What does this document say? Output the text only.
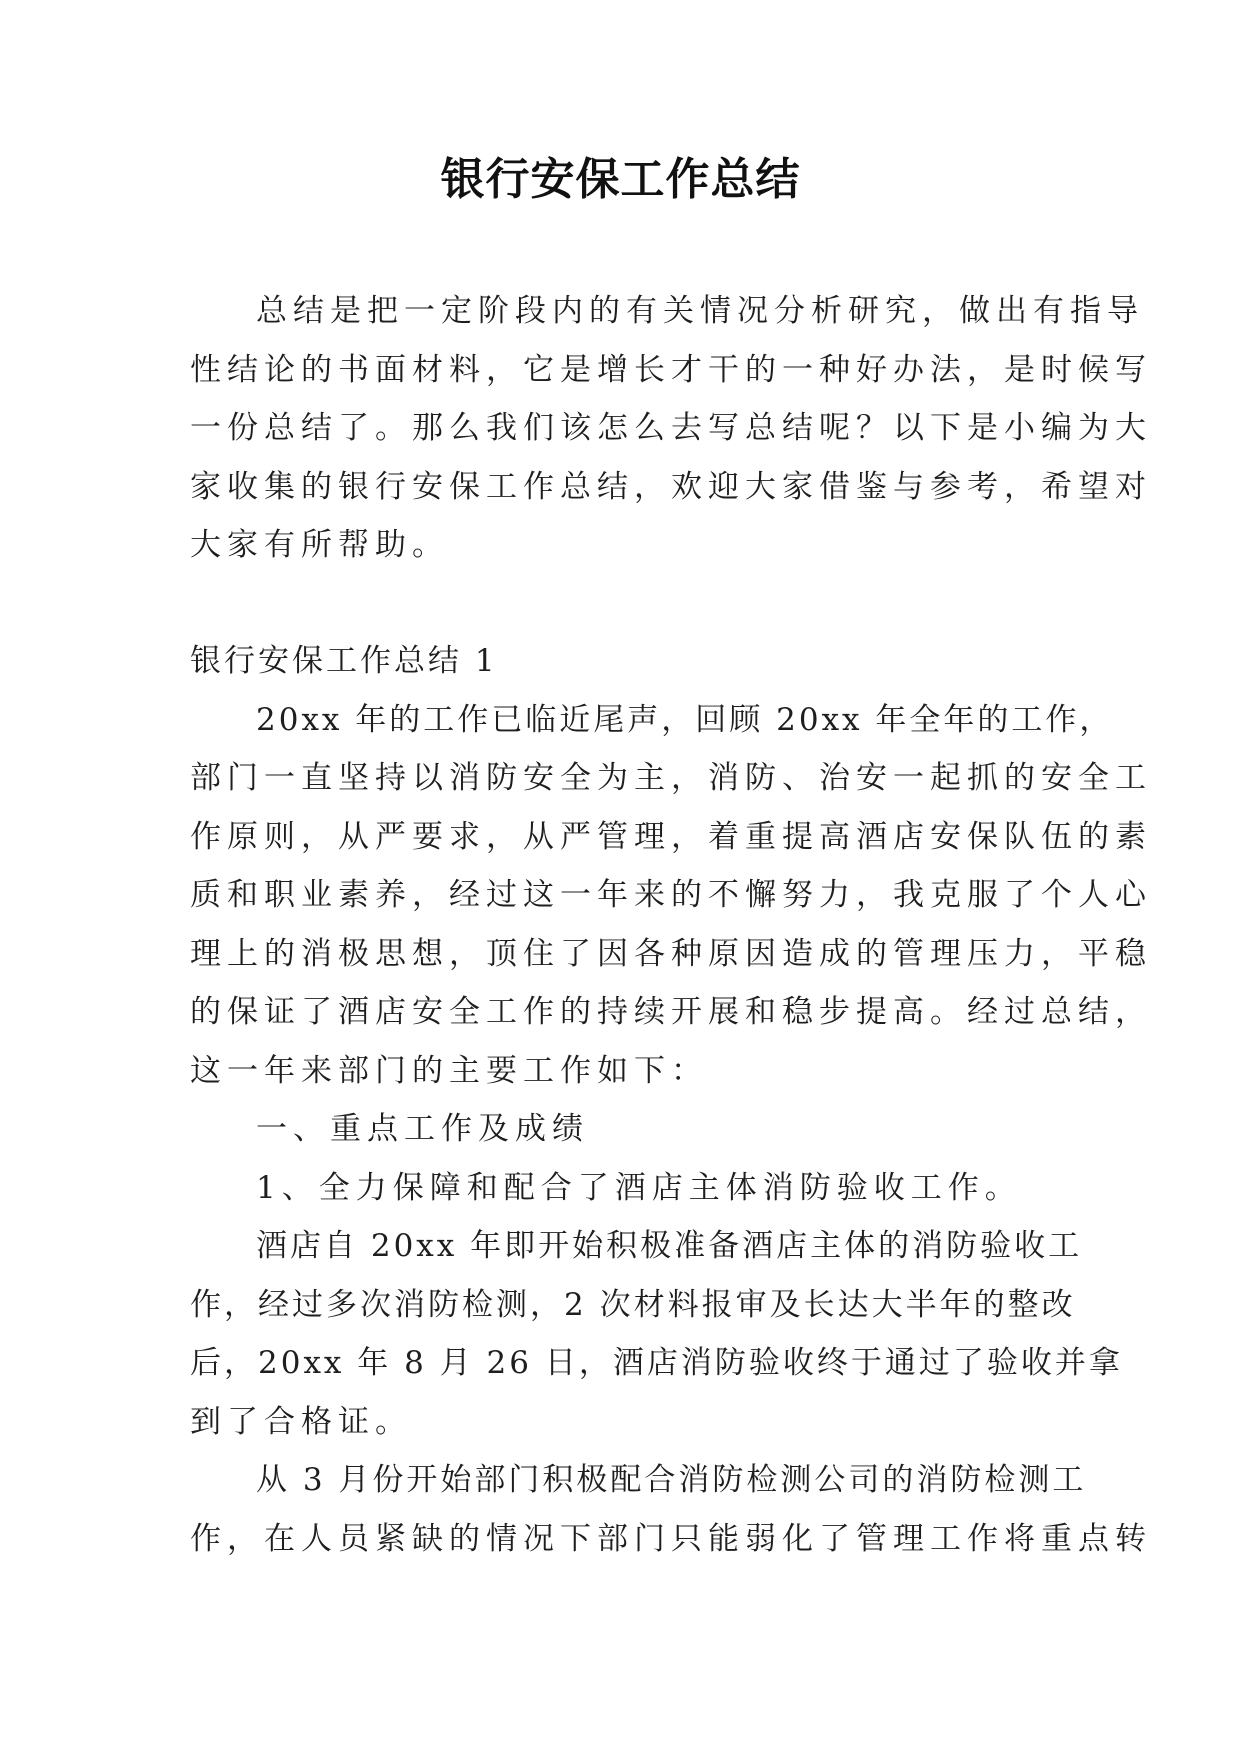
银行安保工作总结
总结是把一定阶段内的有关情况分析研究，做出有指导
性结论的书面材料，它是增长才干的一种好办法，是时候写
一份总结了。那么我们该怎么去写总结呢？以下是小编为大
家收集的银行安保工作总结，欢迎大家借鉴与参考，希望对
大家有所帮助。
银行安保工作总结 1
20xx 年的工作已临近尾声，回顾 20xx 年全年的工作，
部门一直坚持以消防安全为主，消防、治安一起抓的安全工
作原则，从严要求，从严管理，着重提高酒店安保队伍的素
质和职业素养，经过这一年来的不懈努力，我克服了个人心
理上的消极思想，顶住了因各种原因造成的管理压力，平稳
的保证了酒店安全工作的持续开展和稳步提高。经过总结，
这一年来部门的主要工作如下：
一、重点工作及成绩
1、全力保障和配合了酒店主体消防验收工作。
酒店自 20xx 年即开始积极准备酒店主体的消防验收工
作，经过多次消防检测，2 次材料报审及长达大半年的整改
后，20xx 年 8 月 26 日，酒店消防验收终于通过了验收并拿
到了合格证。
从 3 月份开始部门积极配合消防检测公司的消防检测工
作，在人员紧缺的情况下部门只能弱化了管理工作将重点转
